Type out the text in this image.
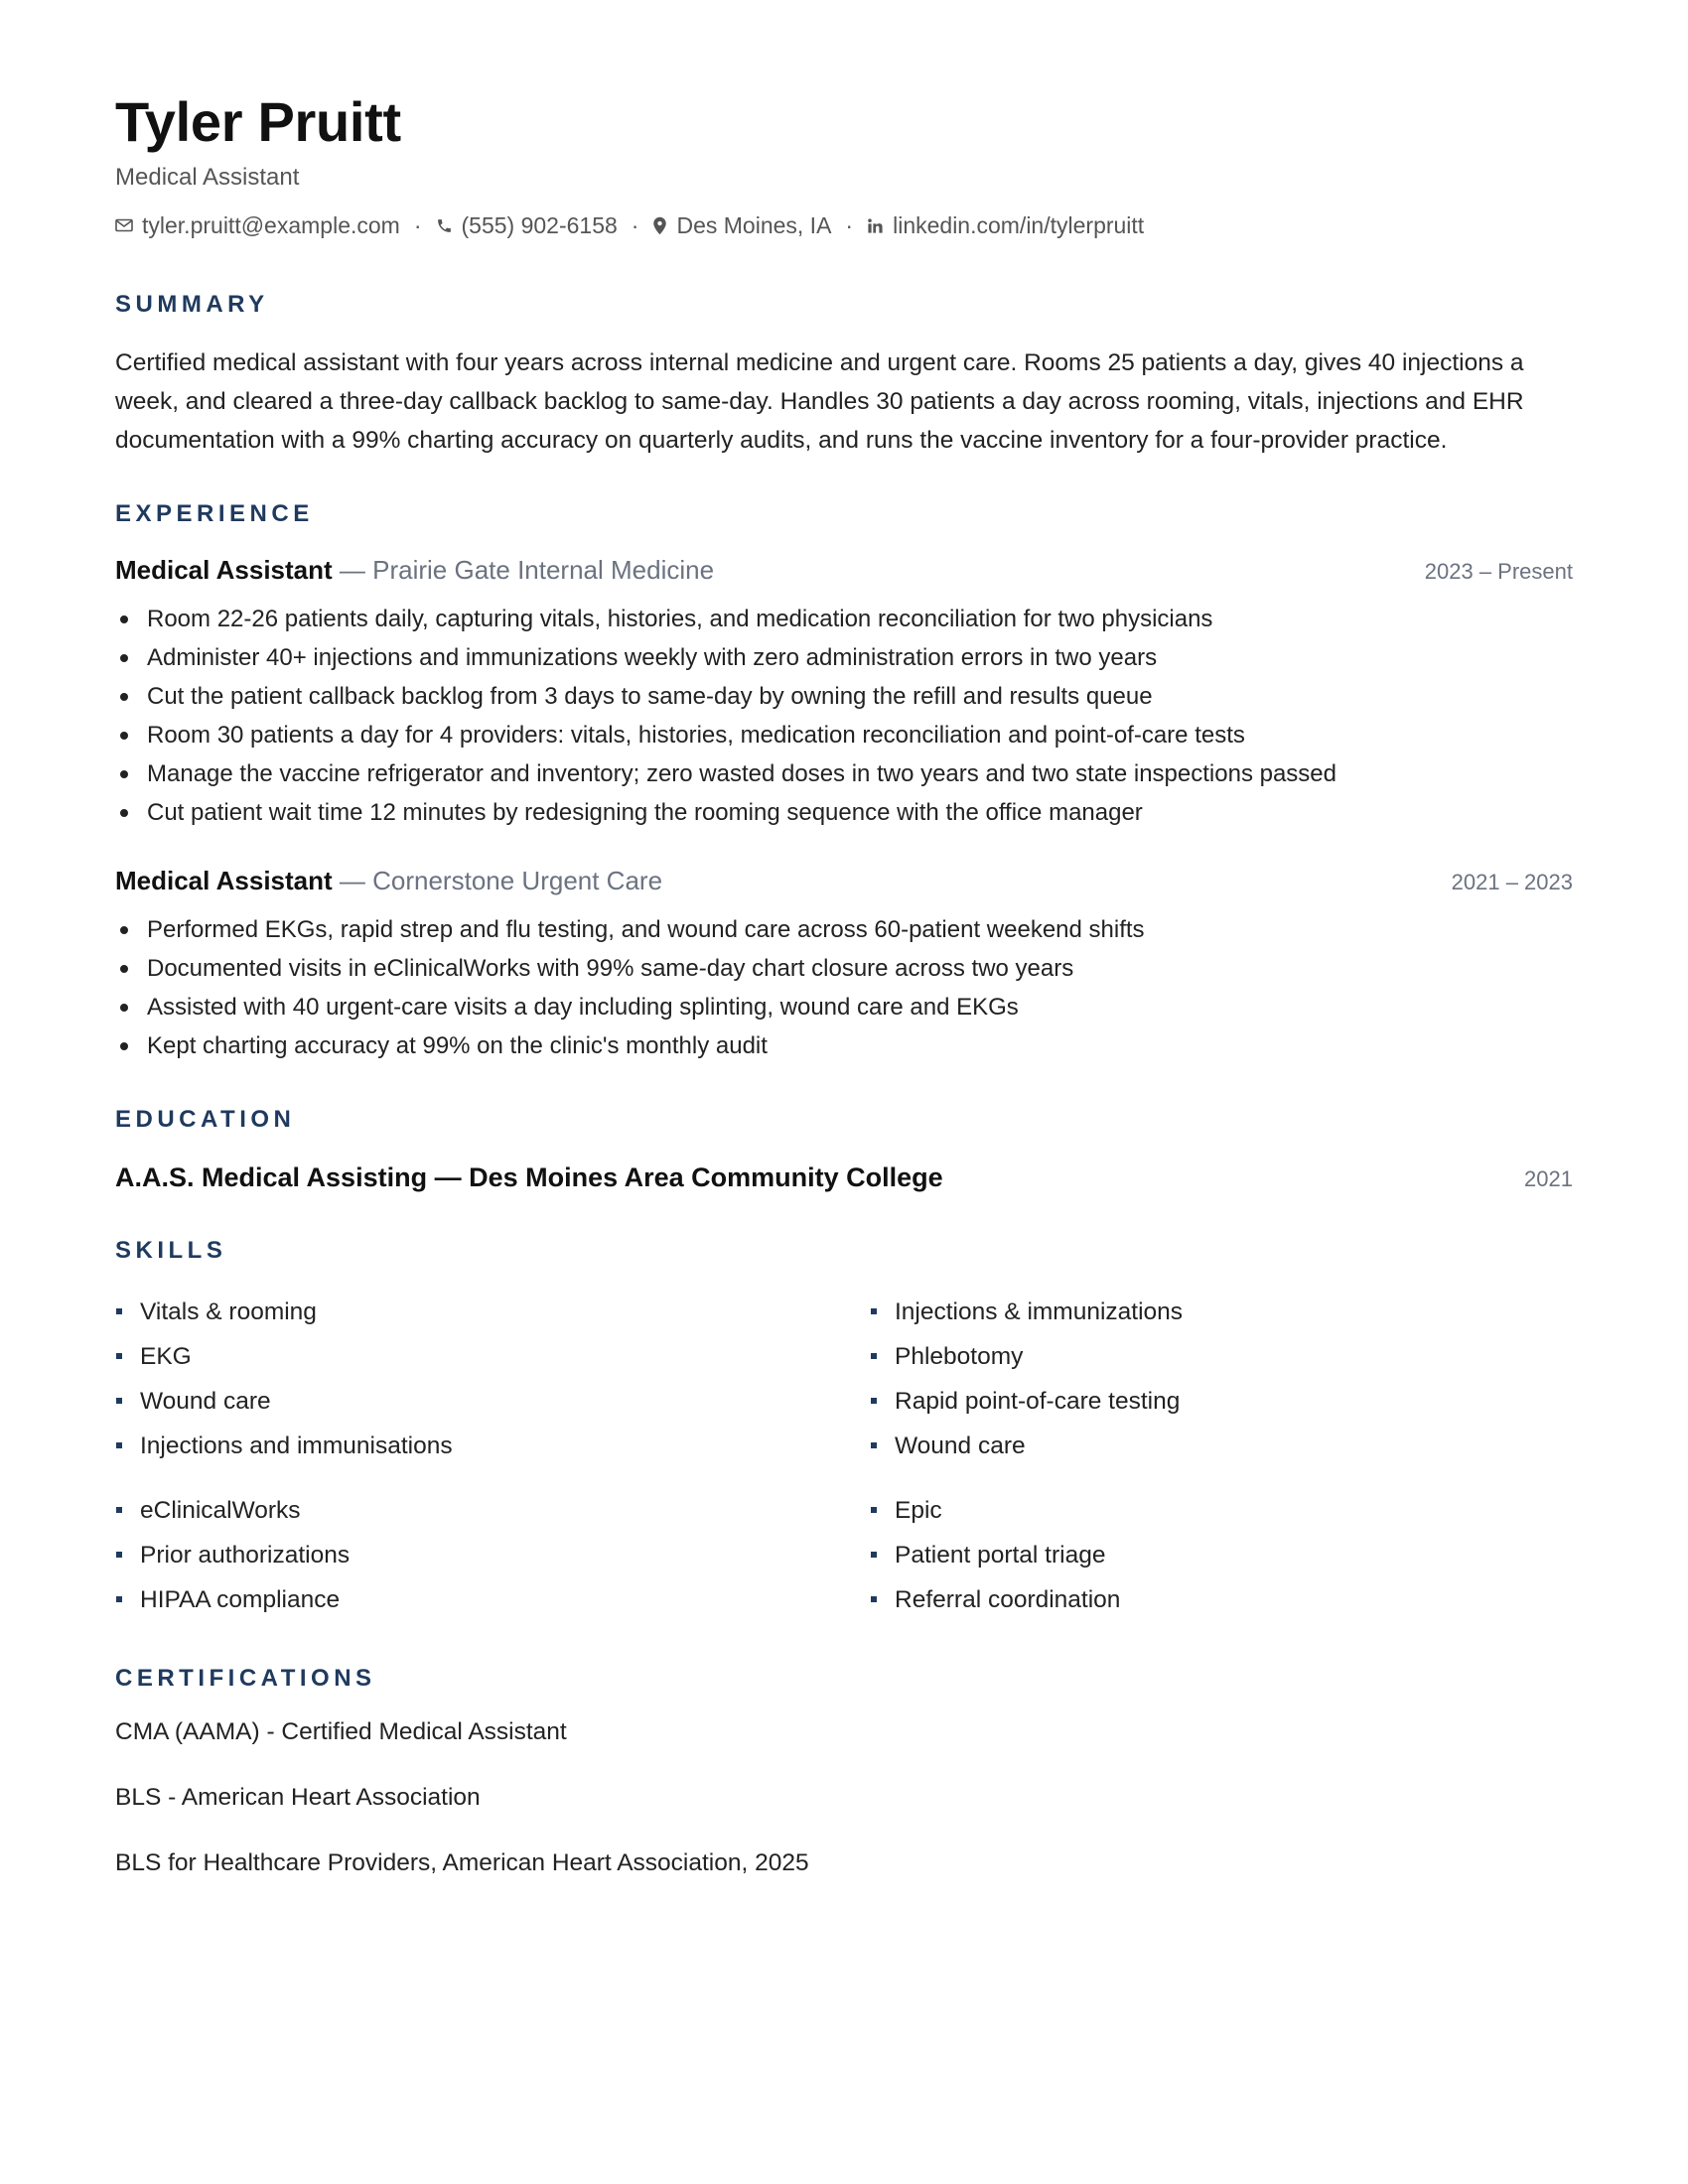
Tyler Pruitt
Medical Assistant
tyler.pruitt@example.com · (555) 902-6158 · Des Moines, IA · linkedin.com/in/tylerpruitt
SUMMARY

Certified medical assistant with four years across internal medicine and urgent care. Rooms 25 patients a day, gives 40 injections a week, and cleared a three-day callback backlog to same-day. Handles 30 patients a day across rooming, vitals, injections and EHR documentation with a 99% charting accuracy on quarterly audits, and runs the vaccine inventory for a four-provider practice.

EXPERIENCE
Medical Assistant — Prairie Gate Internal Medicine	2023 – Present
Room 22-26 patients daily, capturing vitals, histories, and medication reconciliation for two physicians
Administer 40+ injections and immunizations weekly with zero administration errors in two years
Cut the patient callback backlog from 3 days to same-day by owning the refill and results queue
Room 30 patients a day for 4 providers: vitals, histories, medication reconciliation and point-of-care tests
Manage the vaccine refrigerator and inventory; zero wasted doses in two years and two state inspections passed
Cut patient wait time 12 minutes by redesigning the rooming sequence with the office manager
Medical Assistant — Cornerstone Urgent Care	2021 – 2023
Performed EKGs, rapid strep and flu testing, and wound care across 60-patient weekend shifts
Documented visits in eClinicalWorks with 99% same-day chart closure across two years
Assisted with 40 urgent-care visits a day including splinting, wound care and EKGs
Kept charting accuracy at 99% on the clinic's monthly audit
EDUCATION
A.A.S. Medical Assisting — Des Moines Area Community College	2021
SKILLS
Vitals & rooming	Injections & immunizations
EKG	Phlebotomy
Wound care	Rapid point-of-care testing
Injections and immunisations	Wound care
eClinicalWorks	Epic
Prior authorizations	Patient portal triage
HIPAA compliance	Referral coordination
CERTIFICATIONS
CMA (AAMA) - Certified Medical Assistant
BLS - American Heart Association
BLS for Healthcare Providers, American Heart Association, 2025
